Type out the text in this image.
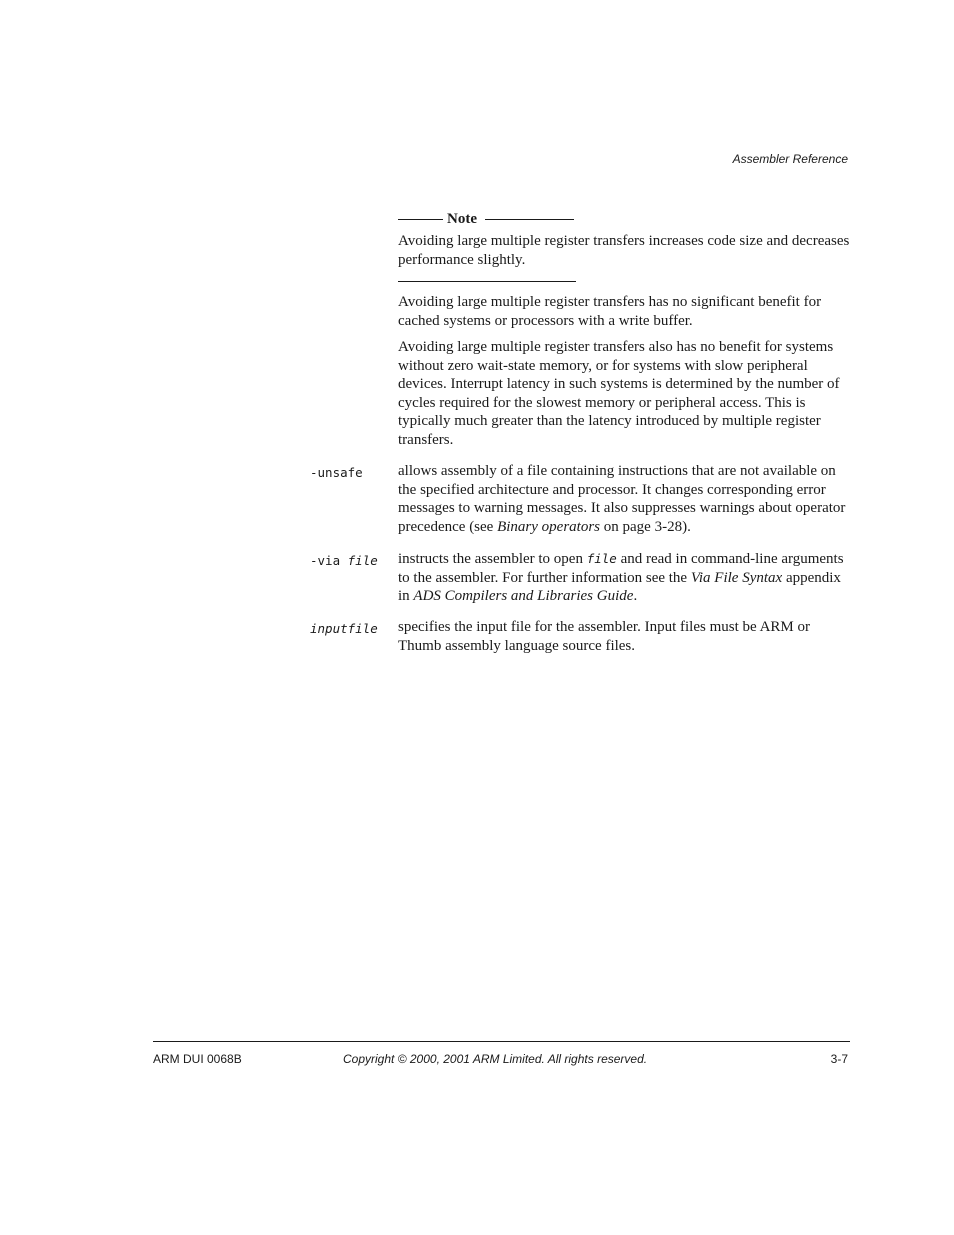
Assembler Reference
Note

Avoiding large multiple register transfers increases code size and decreases performance slightly.

Avoiding large multiple register transfers has no significant benefit for cached systems or processors with a write buffer.

Avoiding large multiple register transfers also has no benefit for systems without zero wait-state memory, or for systems with slow peripheral devices. Interrupt latency in such systems is determined by the number of cycles required for the slowest memory or peripheral access. This is typically much greater than the latency introduced by multiple register transfers.

-unsafe allows assembly of a file containing instructions that are not available on the specified architecture and processor. It changes corresponding error messages to warning messages. It also suppresses warnings about operator precedence (see Binary operators on page 3-28).

-via file instructs the assembler to open file and read in command-line arguments to the assembler. For further information see the Via File Syntax appendix in ADS Compilers and Libraries Guide.

inputfile specifies the input file for the assembler. Input files must be ARM or Thumb assembly language source files.

ARM DUI 0068B	Copyright © 2000, 2001 ARM Limited. All rights reserved.	3-7
